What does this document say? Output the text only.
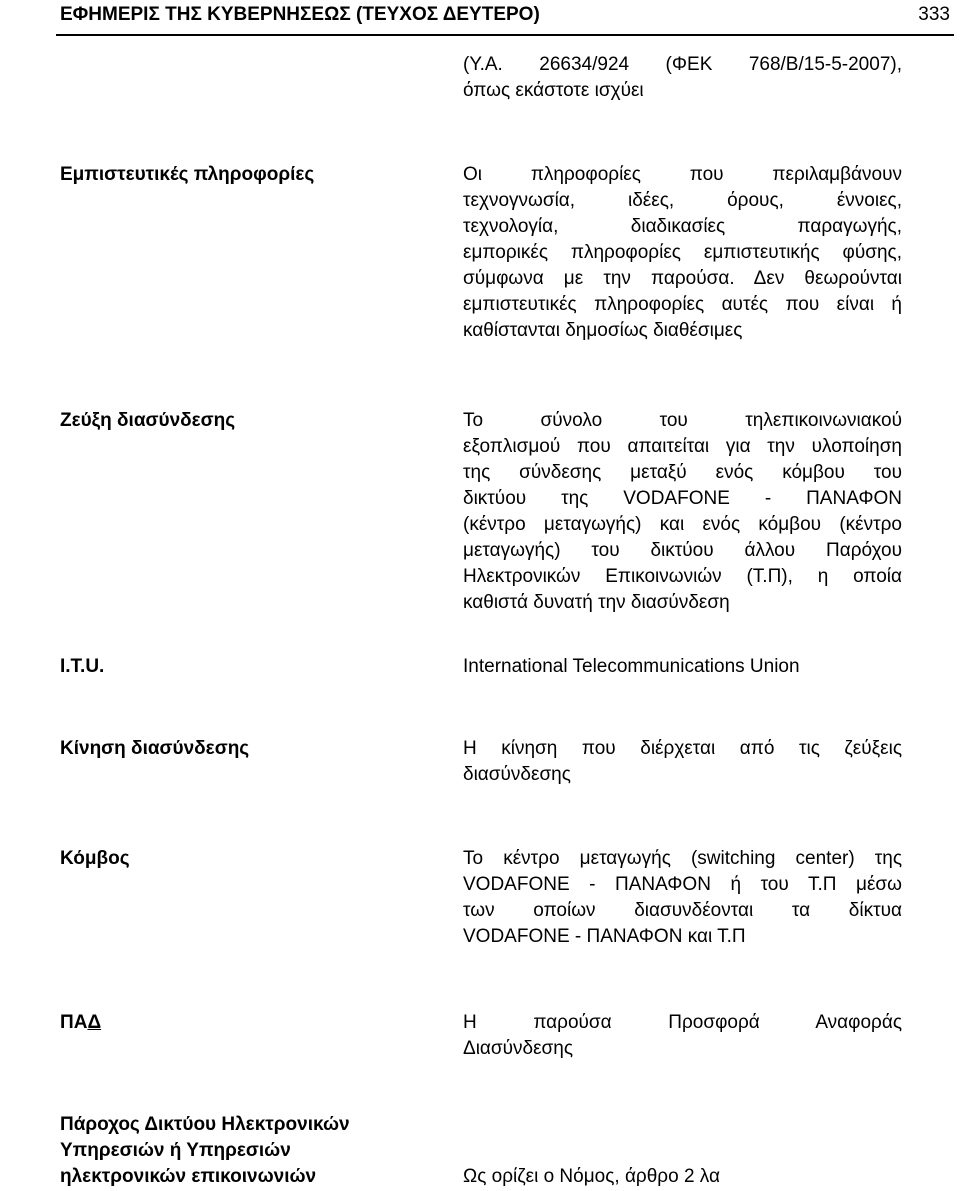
ΕΦΗΜΕΡΙΣ ΤΗΣ ΚΥΒΕΡΝΗΣΕΩΣ (ΤΕΥΧΟΣ ΔΕΥΤΕΡΟ)	333
(Υ.Α. 26634/924 (ΦΕΚ 768/Β/15-5-2007),
όπως εκάστοτε ισχύει
Εμπιστευτικές πληροφορίες	Οι πληροφορίες που περιλαμβάνουν
τεχνογνωσία, ιδέες, όρους, έννοιες,
τεχνολογία, διαδικασίες παραγωγής,
εμπορικές πληροφορίες εμπιστευτικής φύσης,
σύμφωνα με την παρούσα. Δεν θεωρούνται
εμπιστευτικές πληροφορίες αυτές που είναι ή
καθίστανται δημοσίως διαθέσιμες
Ζεύξη διασύνδεσης	Το σύνολο του τηλεπικοινωνιακού
εξοπλισμού που απαιτείται για την υλοποίηση
της σύνδεσης μεταξύ ενός κόμβου του
δικτύου της VODAFONE - ΠΑΝΑΦΟΝ
(κέντρο μεταγωγής) και ενός κόμβου (κέντρο
μεταγωγής) του δικτύου άλλου Παρόχου
Ηλεκτρονικών Επικοινωνιών (Τ.Π), η οποία
καθιστά δυνατή την διασύνδεση
I.T.U.	International Telecommunications Union
Κίνηση διασύνδεσης	Η κίνηση που διέρχεται από τις ζεύξεις
διασύνδεσης
Κόμβος	Το κέντρο μεταγωγής (switching center) της
VODAFONE - ΠΑΝΑΦΟΝ ή του Τ.Π μέσω
των οποίων διασυνδέονται τα δίκτυα
VODAFONE - ΠΑΝΑΦΟΝ και Τ.Π
ΠΑΔ	Η παρούσα Προσφορά Αναφοράς
Διασύνδεσης
Πάροχος Δικτύου Ηλεκτρονικών
Υπηρεσιών ή Υπηρεσιών
ηλεκτρονικών επικοινωνιών	Ως ορίζει ο Νόμος, άρθρο 2 λα
